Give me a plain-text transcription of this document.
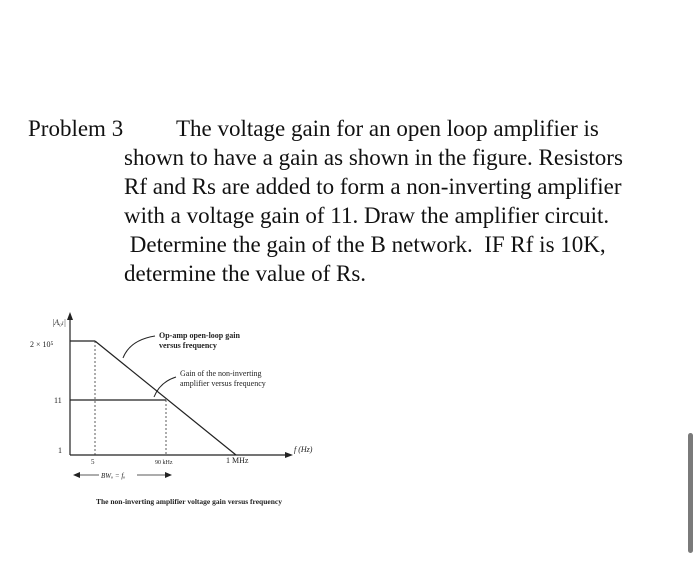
Problem 3	The voltage gain for an open loop amplifier is
shown to have a gain as shown in the figure. Resistors
Rf and Rs are added to form a non-inverting amplifier
with a voltage gain of 11. Draw the amplifier circuit.
Determine the gain of the B network.  IF Rf is 10K,
determine the value of Rs.
|A₀ₗ|
2 × 10⁵
11
1
Op-amp open-loop gain
versus frequency
Gain of the non-inverting
amplifier versus frequency
5	90 kHz	1 MHz
f (Hz)
BWₒ = fₒ
The non-inverting amplifier voltage gain versus frequency
